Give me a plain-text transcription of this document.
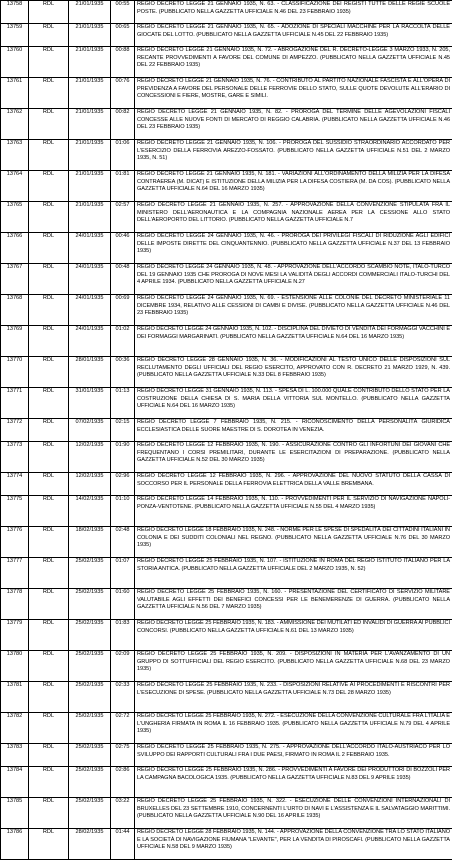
13758	RDL	21/01/1935	00:55	REGIO DECRETO LEGGE 21 GENNAIO 1935, N. 63. - CLASSIFICAZIONE DEI REGISTI TUTTE DELLE REGIE SCUOLE POSTE. (PUBBLICATO NELLA GAZZETTA UFFICIALE N.46 DEL 23 FEBBRAIO 1935)
13759	RDL	21/01/1935	00:65	REGIO DECRETO LEGGE 21 GENNAIO 1935, N. 65. - ADOZIONE DI SPECIALI MACCHINE PER LA RACCOLTA DELLE GIOCATE DEL LOTTO. (PUBBLICATO NELLA GAZZETTA UFFICIALE N.45 DEL 22 FEBBRAIO 1935)
13760	RDL	21/01/1935	00:88	REGIO DECRETO LEGGE 21 GENNAIO 1935, N. 72. - ABROGAZIONE DEL R. DECRETO-LEGGE 3 MARZO 1933, N. 205, RECANTE PROVVEDIMENTI A FAVORE DEL COMUNE DI AMPEZZO. (PUBBLICATO NELLA GAZZETTA UFFICIALE N.45 DEL 22 FEBBRAIO 1935)
13761	RDL	21/01/1935	00:76	REGIO DECRETO LEGGE 21 GENNAIO 1935, N. 76. - CONTRIBUTO AL PARTITO NAZIONALE FASCISTA E ALL'OPERA DI PREVIDENZA A FAVORE DEL PERSONALE DELLE FERROVIE DELLO STATO, SULLE QUOTE DEVOLUTE ALL'ERARIO DI CONCESSIONI E FIERE, MOSTRE, GARE E SIMILI.
13762	RDL	21/01/1935	00:82	REGIO DECRETO LEGGE 21 GENNAIO 1935, N. 82. - PROROGA DEL TERMINE DELLE AGEVOLAZIONI FISCALI CONCESSE ALLE NUOVE FONTI DI MERCATO DI REGGIO CALABRIA. (PUBBLICATO NELLA GAZZETTA UFFICIALE N.46 DEL 23 FEBBRAIO 1935)
13763	RDL	21/01/1935	01:06	REGIO DECRETO LEGGE 21 GENNAIO 1935, N. 106. - PROROGA DEL SUSSIDIO STRAORDINARIO ACCORDATO PER L'ESERCIZIO DELLA FERROVIA AREZZO-FOSSATO. (PUBBLICATO NELLA GAZZETTA UFFICIALE N.51 DEL 2 MARZO 1935, N. 51)
13764	RDL	21/01/1935	01:81	REGIO DECRETO LEGGE 21 GENNAIO 1935, N. 181. - VARIAZIONI ALL'ORDINAMENTO DELLA MILIZIA PER LA DIFESA CONTRAEREA (M. DICAT) E ISTITUZIONE DELLA MILIZIA PER LA DIFESA COSTIERA (M. DA COS). (PUBBLICATO NELLA GAZZETTA UFFICIALE N.64 DEL 16 MARZO 1935)
13765	RDL	21/01/1935	02:57	REGIO DECRETO LEGGE 21 GENNAIO 1935, N. 257. - APPROVAZIONE DELLA CONVENZIONE STIPULATA FRA IL MINISTERO DELL'AERONAUTICA E LA COMPAGNIA NAZIONALE AEREA PER LA CESSIONE ALLO STATO DELL'AEROPORTO DEL LITTORIO. (PUBBLICATO NELLA GAZZETTA UFFICIALE N.7
13766	RDL	24/01/1935	00:46	REGIO DECRETO LEGGE 24 GENNAIO 1935, N. 46. - PROROGA DEI PRIVILEGI FISCALI DI RIDUZIONE AGLI EDIFICI DELLE IMPOSTE DIRETTE DEL CINQUANTENNIO. (PUBBLICATO NELLA GAZZETTA UFFICIALE N.37 DEL 13 FEBBRAIO 1935)
13767	RDL	24/01/1935	00:48	REGIO DECRETO LEGGE 24 GENNAIO 1935, N. 48. - APPROVAZIONE DELL'ACCORDO SCAMBIO NOTE, ITALO-TURCO DEL 19 GENNAIO 1935 CHE PROROGA DI NOVE MESI LA VALIDITÀ DEGLI ACCORDI COMMERCIALI ITALO-TURCHI DEL 4 APRILE 1934. (PUBBLICATO NELLA GAZZETTA UFFICIALE N.27
13768	RDL	24/01/1935	00:69	REGIO DECRETO LEGGE 24 GENNAIO 1935, N. 69. - ESTENSIONE ALLE COLONIE DEL DECRETO MINISTERIALE 11 DICEMBRE 1934, RELATIVO ALLE CESSIONI DI CAMBI E DIVISE. (PUBBLICATO NELLA GAZZETTA UFFICIALE N.46 DEL 23 FEBBRAIO 1935)
13769	RDL	24/01/1935	01:02	REGIO DECRETO LEGGE 24 GENNAIO 1935, N. 102. - DISCIPLINA DEL DIVIETO DI VENDITA DEI FORMAGGI VACCHINI E DEI FORMAGGI MARGARINATI. (PUBBLICATO NELLA GAZZETTA UFFICIALE N.64 DEL 16 MARZO 1935)
13770	RDL	28/01/1935	00:36	REGIO DECRETO LEGGE 28 GENNAIO 1935, N. 36. - MODIFICAZIONI AL TESTO UNICO DELLE DISPOSIZIONI SUL RECLUTAMENTO DEGLI UFFICIALI DEL REGIO ESERCITO, APPROVATO CON R. DECRETO 21 MARZO 1929, N. 439. (PUBBLICATO NELLA GAZZETTA UFFICIALE N.33 DEL 8 FEBBRAIO 1935)
13771	RDL	31/01/1935	01:13	REGIO DECRETO LEGGE 31 GENNAIO 1935, N. 113. - SPESA DI L. 100.000 QUALE CONTRIBUTO DELLO STATO PER LA COSTRUZIONE DELLA CHIESA DI S. MARIA DELLA VITTORIA SUL MONTELLO. (PUBBLICATO NELLA GAZZETTA UFFICIALE N.64 DEL 16 MARZO 1935)
13772	RDL	07/02/1935	02:15	REGIO DECRETO LEGGE 7 FEBBRAIO 1935, N. 215. - RICONOSCIMENTO DELLA PERSONALITÀ GIURIDICA ECCLESIASTICA DELLE SUORE MAESTRE DI S. DOROTEA IN VENEZIA.
13773	RDL	12/02/1935	01:90	REGIO DECRETO LEGGE 12 FEBBRAIO 1935, N. 190. - ASSICURAZIONE CONTRO GLI INFORTUNI DEI GIOVANI CHE FREQUENTANO I CORSI PREMILITARI, DURANTE LE ESERCITAZIONI DI PREPARAZIONE. (PUBBLICATO NELLA GAZZETTA UFFICIALE N.52 DEL 30 MARZO 1935)
13774	RDL	12/02/1935	02:96	REGIO DECRETO LEGGE 12 FEBBRAIO 1935, N. 296. - APPROVAZIONE DEL NUOVO STATUTO DELLA CASSA DI SOCCORSO PER IL PERSONALE DELLA FERROVIA ELETTRICA DELLA VALLE BREMBANA.
13775	RDL	14/02/1935	01:10	REGIO DECRETO LEGGE 14 FEBBRAIO 1935, N. 110. - PROVVEDIMENTI PER IL SERVIZIO DI NAVIGAZIONE NAPOLI-PONZA-VENTOTENE. (PUBBLICATO NELLA GAZZETTA UFFICIALE N.55 DEL 4 MARZO 1935)
13776	RDL	18/02/1935	02:48	REGIO DECRETO LEGGE 18 FEBBRAIO 1935, N. 248. - NORME PER LE SPESE DI SPEDALITÀ DEI CITTADINI ITALIANI IN COLONIA E DEI SUDDITI COLONIALI NEL REGNO. (PUBBLICATO NELLA GAZZETTA UFFICIALE N.76 DEL 30 MARZO 1935)
13777	RDL	25/02/1935	01:07	REGIO DECRETO LEGGE 25 FEBBRAIO 1935, N. 107. - ISTITUZIONE IN ROMA DEL REGIO ISTITUTO ITALIANO PER LA STORIA ANTICA. (PUBBLICATO NELLA GAZZETTA UFFICIALE DEL 2 MARZO 1935, N. 52)
13778	RDL	25/02/1935	01:60	REGIO DECRETO LEGGE 25 FEBBRAIO 1935, N. 160. - PRESENTAZIONE DEL CERTIFICATO DI SERVIZIO MILITARE VALUTABILE AGLI EFFETTI DEI BENEFICI CONCESSI PER LE BENEMERENZE DI GUERRA. (PUBBLICATO NELLA GAZZETTA UFFICIALE N.56 DEL 7 MARZO 1935)
13779	RDL	25/02/1935	01:83	REGIO DECRETO LEGGE 25 FEBBRAIO 1935, N. 183. - AMMISSIONE DEI MUTILATI ED INVALIDI DI GUERRA AI PUBBLICI CONCORSI. (PUBBLICATO NELLA GAZZETTA UFFICIALE N.61 DEL 13 MARZO 1935)
13780	RDL	25/02/1935	02:09	REGIO DECRETO LEGGE 25 FEBBRAIO 1935, N. 209. - DISPOSIZIONI IN MATERIA PER L'AVANZAMENTO DI UN GRUPPO DI SOTTUFFICIALI DEL REGIO ESERCITO. (PUBBLICATO NELLA GAZZETTA UFFICIALE N.68 DEL 23 MARZO 1935)
13781	RDL	25/02/1935	02:33	REGIO DECRETO LEGGE 25 FEBBRAIO 1935, N. 233. - DISPOSIZIONI RELATIVE AI PROCEDIMENTI E RISCONTRI PER L'ESECUZIONE DI SPESE. (PUBBLICATO NELLA GAZZETTA UFFICIALE N.73 DEL 28 MARZO 1935)
13782	RDL	25/02/1935	02:72	REGIO DECRETO LEGGE 25 FEBBRAIO 1935, N. 272. - ESECUZIONE DELLA CONVENZIONE CULTURALE FRA L'ITALIA E L'UNGHERIA FIRMATA IN ROMA IL 16 FEBBRAIO 1935. (PUBBLICATO NELLA GAZZETTA UFFICIALE N.79 DEL 4 APRILE 1935)
13783	RDL	25/02/1935	02:75	REGIO DECRETO LEGGE 25 FEBBRAIO 1935, N. 275. - APPROVAZIONE DELL'ACCORDO ITALO-AUSTRIACO PER LO SVILUPPO DEI RAPPORTI CULTURALI FRA I DUE PAESI, FIRMATO IN ROMA IL 2 FEBBRAIO 1935.
13784	RDL	25/02/1935	02:86	REGIO DECRETO LEGGE 25 FEBBRAIO 1935, N. 286. - PROVVEDIMENTI A FAVORE DEI PRODUTTORI DI BOZZOLI PER LA CAMPAGNA BACOLOGICA 1935. (PUBBLICATO NELLA GAZZETTA UFFICIALE N.83 DEL 9 APRILE 1935)
13785	RDL	25/02/1935	03:22	REGIO DECRETO LEGGE 25 FEBBRAIO 1935, N. 322. - ESECUZIONE DELLE CONVENZIONI INTERNAZIONALI DI BRUXELLES DEL 23 SETTEMBRE 1910, CONCERNENTI L'URTO DI NAVI E L'ASSISTENZA E IL SALVATAGGIO MARITTIMI. (PUBBLICATO NELLA GAZZETTA UFFICIALE N.90 DEL 16 APRILE 1935)
13786	RDL	28/02/1935	01:44	REGIO DECRETO LEGGE 28 FEBBRAIO 1935, N. 144. - APPROVAZIONE DELLA CONVENZIONE TRA LO STATO ITALIANO E LA SOCIETÀ DI NAVIGAZIONE FIUMANA "LEVANTE", PER LA VENDITA DI PIROSCAFI. (PUBBLICATO NELLA GAZZETTA UFFICIALE N.58 DEL 9 MARZO 1935)
